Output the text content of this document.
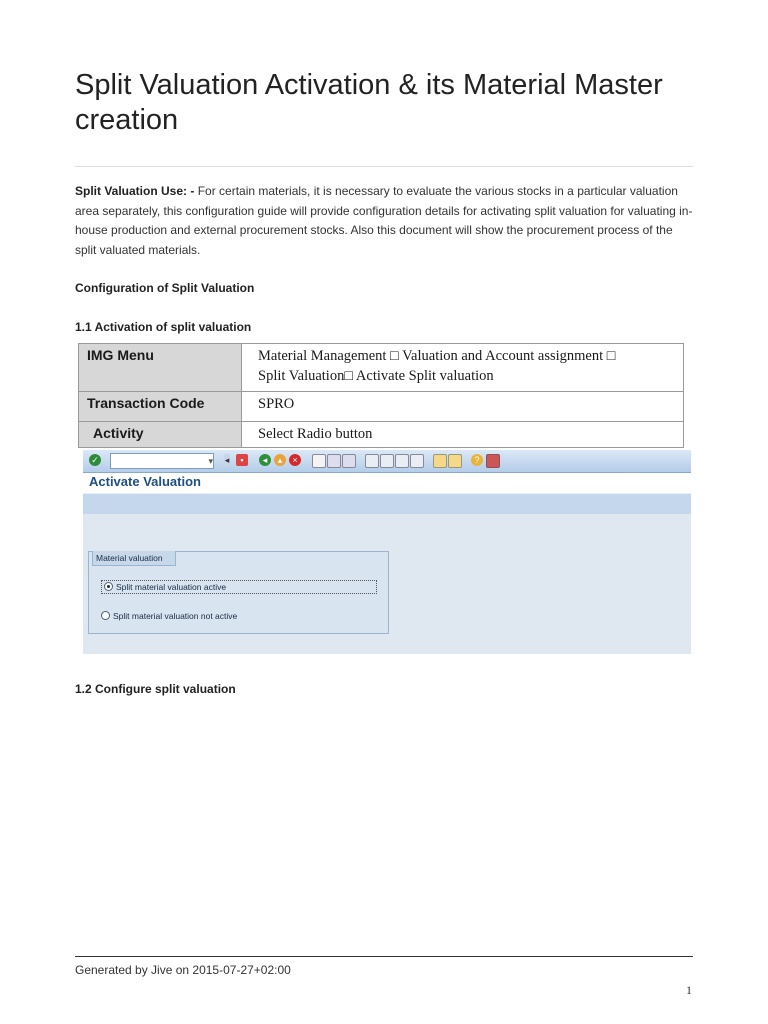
Split Valuation Activation & its Material Master creation

Split Valuation Use: - For certain materials, it is necessary to evaluate the various stocks in a particular valuation area separately, this configuration guide will provide configuration details for activating split valuation for valuating in-house production and external procurement stocks. Also this document will show the procurement process of the split valuated materials.

Configuration of Split Valuation

1.1 Activation of split valuation

IMG Menu	Material Management □ Valuation and Account assignment □
Split Valuation□ Activate Split valuation
Transaction Code	SPRO
Activity	Select Radio button
✓	▾ ◂	▪	◂	▴	×	?
Activate Valuation
Material valuation
Split material valuation active
Split material valuation not active

1.2 Configure split valuation

Generated by Jive on 2015-07-27+02:00

1
